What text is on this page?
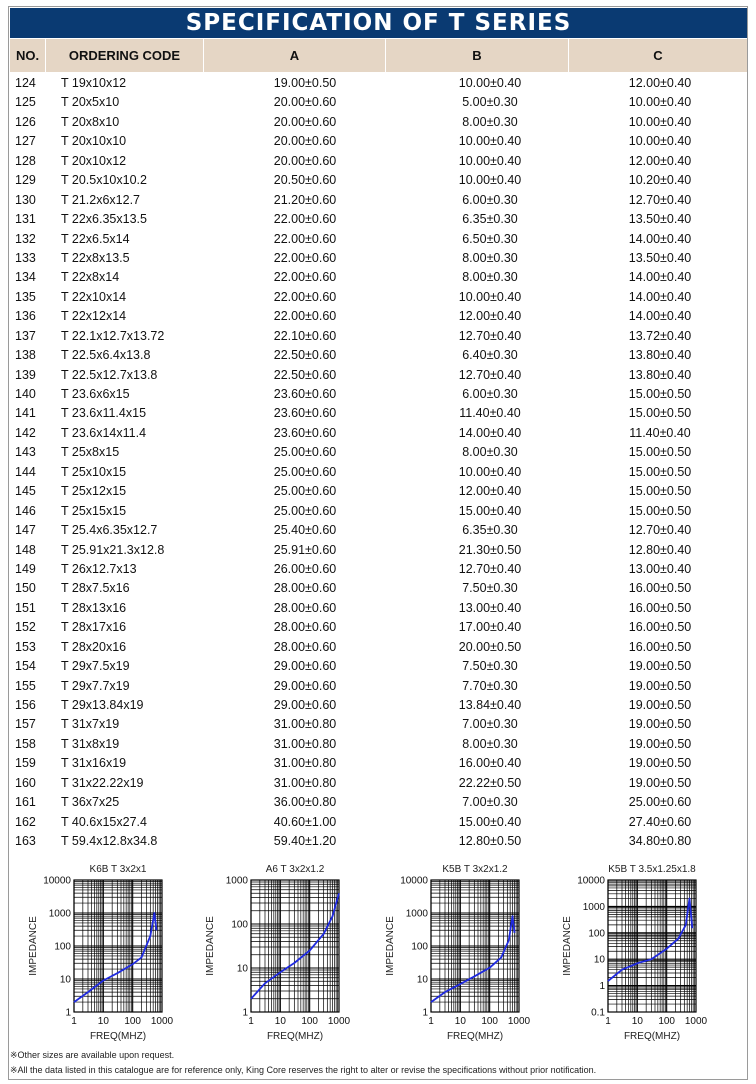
SPECIFICATION OF T SERIES
NO.	ORDERING CODE	A	B	C
124 T 19x10x12	19.00±0.50	10.00±0.40	12.00±0.40
125 T 20x5x10	20.00±0.60	5.00±0.30	10.00±0.40
126 T 20x8x10	20.00±0.60	8.00±0.30	10.00±0.40
127 T 20x10x10	20.00±0.60	10.00±0.40	10.00±0.40
128 T 20x10x12	20.00±0.60	10.00±0.40	12.00±0.40
129 T 20.5x10x10.2	20.50±0.60	10.00±0.40	10.20±0.40
130 T 21.2x6x12.7	21.20±0.60	6.00±0.30	12.70±0.40
131 T 22x6.35x13.5	22.00±0.60	6.35±0.30	13.50±0.40
132 T 22x6.5x14	22.00±0.60	6.50±0.30	14.00±0.40
133 T 22x8x13.5	22.00±0.60	8.00±0.30	13.50±0.40
134 T 22x8x14	22.00±0.60	8.00±0.30	14.00±0.40
135 T 22x10x14	22.00±0.60	10.00±0.40	14.00±0.40
136 T 22x12x14	22.00±0.60	12.00±0.40	14.00±0.40
137 T 22.1x12.7x13.72	22.10±0.60	12.70±0.40	13.72±0.40
138 T 22.5x6.4x13.8	22.50±0.60	6.40±0.30	13.80±0.40
139 T 22.5x12.7x13.8	22.50±0.60	12.70±0.40	13.80±0.40
140 T 23.6x6x15	23.60±0.60	6.00±0.30	15.00±0.50
141 T 23.6x11.4x15	23.60±0.60	11.40±0.40	15.00±0.50
142 T 23.6x14x11.4	23.60±0.60	14.00±0.40	11.40±0.40
143 T 25x8x15	25.00±0.60	8.00±0.30	15.00±0.50
144 T 25x10x15	25.00±0.60	10.00±0.40	15.00±0.50
145 T 25x12x15	25.00±0.60	12.00±0.40	15.00±0.50
146 T 25x15x15	25.00±0.60	15.00±0.40	15.00±0.50
147 T 25.4x6.35x12.7	25.40±0.60	6.35±0.30	12.70±0.40
148 T 25.91x21.3x12.8	25.91±0.60	21.30±0.50	12.80±0.40
149 T 26x12.7x13	26.00±0.60	12.70±0.40	13.00±0.40
150 T 28x7.5x16	28.00±0.60	7.50±0.30	16.00±0.50
151 T 28x13x16	28.00±0.60	13.00±0.40	16.00±0.50
152 T 28x17x16	28.00±0.60	17.00±0.40	16.00±0.50
153 T 28x20x16	28.00±0.60	20.00±0.50	16.00±0.50
154 T 29x7.5x19	29.00±0.60	7.50±0.30	19.00±0.50
155 T 29x7.7x19	29.00±0.60	7.70±0.30	19.00±0.50
156 T 29x13.84x19	29.00±0.60	13.84±0.40	19.00±0.50
157 T 31x7x19	31.00±0.80	7.00±0.30	19.00±0.50
158 T 31x8x19	31.00±0.80	8.00±0.30	19.00±0.50
159 T 31x16x19	31.00±0.80	16.00±0.40	19.00±0.50
160 T 31x22.22x19	31.00±0.80	22.22±0.50	19.00±0.50
161 T 36x7x25	36.00±0.80	7.00±0.30	25.00±0.60
162 T 40.6x15x27.4	40.60±1.00	15.00±0.40	27.40±0.60
163 T 59.4x12.8x34.8	59.40±1.20	12.80±0.50	34.80±0.80
K6B T 3x2x1
1 10 100 1000
1
10
100
1000
10000
FREQ(MHZ)
IMPEDANCE
A6 T 3x2x1.2
1 10 100 1000
1
10
100
1000
FREQ(MHZ)
IMPEDANCE
K5B T 3x2x1.2
1 10 100 1000
1
10
100
1000
10000
FREQ(MHZ)
IMPEDANCE
K5B T 3.5x1.25x1.8
1 10 100 1000
0.1
1
10
100
1000
10000
FREQ(MHZ)
IMPEDANCE
※Other sizes are available upon request.
※All the data listed in this catalogue are for reference only, King Core reserves the right to alter or revise the specifications without prior notification.
